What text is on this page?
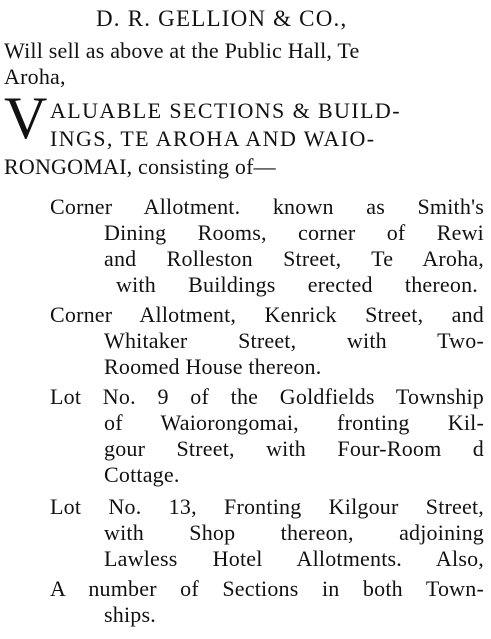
D. R. GELLION & CO.,
Will sell as above at the Public Hall, Te
Aroha,
V ALUABLE SECTIONS & BUILD-
INGS, TE AROHA AND WAIO-
RONGOMAI, consisting of—
Corner Allotment. known as Smith's
Dining Rooms, corner of Rewi
and Rolleston Street, Te Aroha,
with Buildings erected thereon.
Corner Allotment, Kenrick Street, and
Whitaker Street, with Two-
Roomed House thereon.
Lot No. 9 of the Goldfields Township
of Waiorongomai, fronting Kil-
gour Street, with Four-Room d
Cottage.
Lot No. 13, Fronting Kilgour Street,
with Shop thereon, adjoining
Lawless Hotel Allotments. Also,
A number of Sections in both Town-
ships.
